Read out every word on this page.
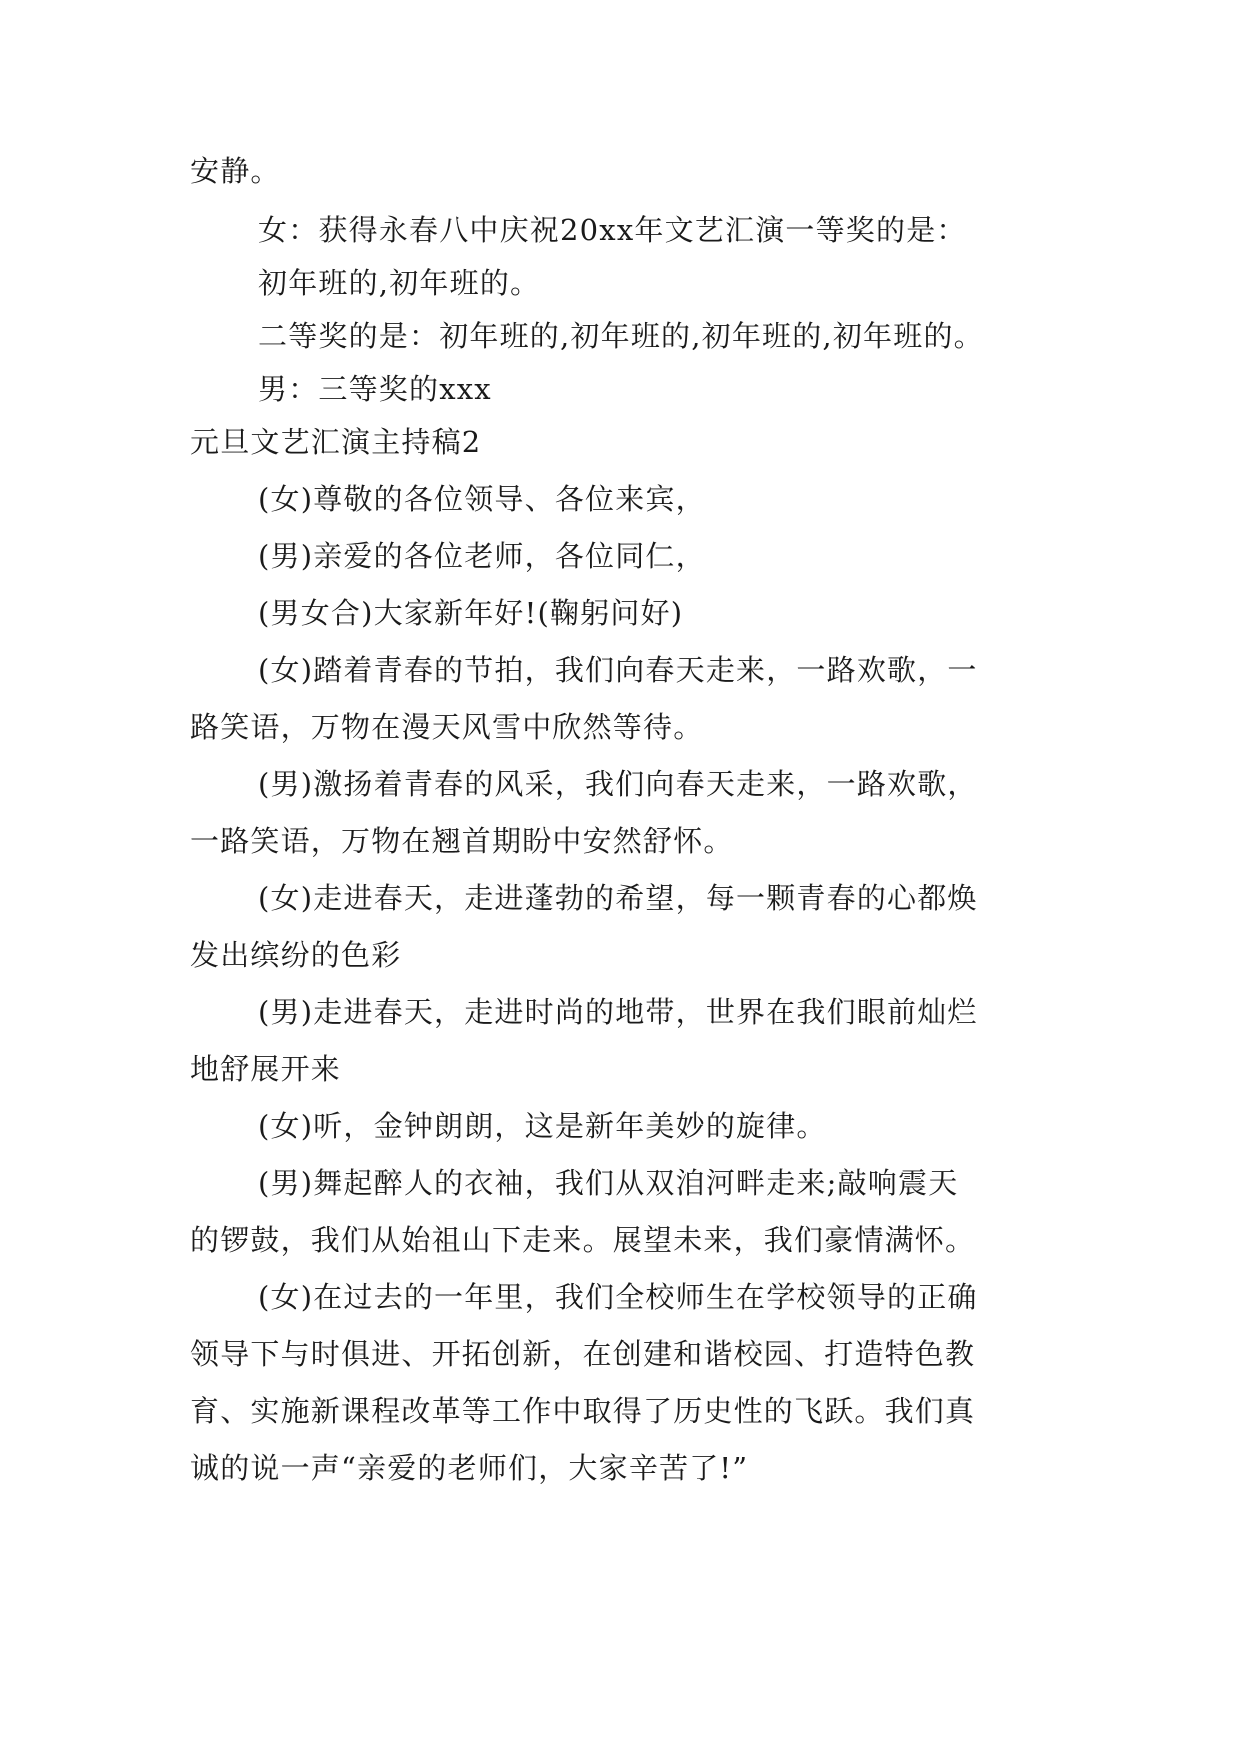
安静。
女：获得永春八中庆祝20xx年文艺汇演一等奖的是：
初年班的,初年班的。
二等奖的是：初年班的,初年班的,初年班的,初年班的。
男：三等奖的xxx
元旦文艺汇演主持稿2
(女)尊敬的各位领导、各位来宾，
(男)亲爱的各位老师，各位同仁，
(男女合)大家新年好!(鞠躬问好)
(女)踏着青春的节拍，我们向春天走来，一路欢歌，一
路笑语，万物在漫天风雪中欣然等待。
(男)激扬着青春的风采，我们向春天走来，一路欢歌，
一路笑语，万物在翘首期盼中安然舒怀。
(女)走进春天，走进蓬勃的希望，每一颗青春的心都焕
发出缤纷的色彩
(男)走进春天，走进时尚的地带，世界在我们眼前灿烂
地舒展开来
(女)听，金钟朗朗，这是新年美妙的旋律。
(男)舞起醉人的衣袖，我们从双洎河畔走来;敲响震天
的锣鼓，我们从始祖山下走来。展望未来，我们豪情满怀。
(女)在过去的一年里，我们全校师生在学校领导的正确
领导下与时俱进、开拓创新，在创建和谐校园、打造特色教
育、实施新课程改革等工作中取得了历史性的飞跃。我们真
诚的说一声“亲爱的老师们，大家辛苦了!”
